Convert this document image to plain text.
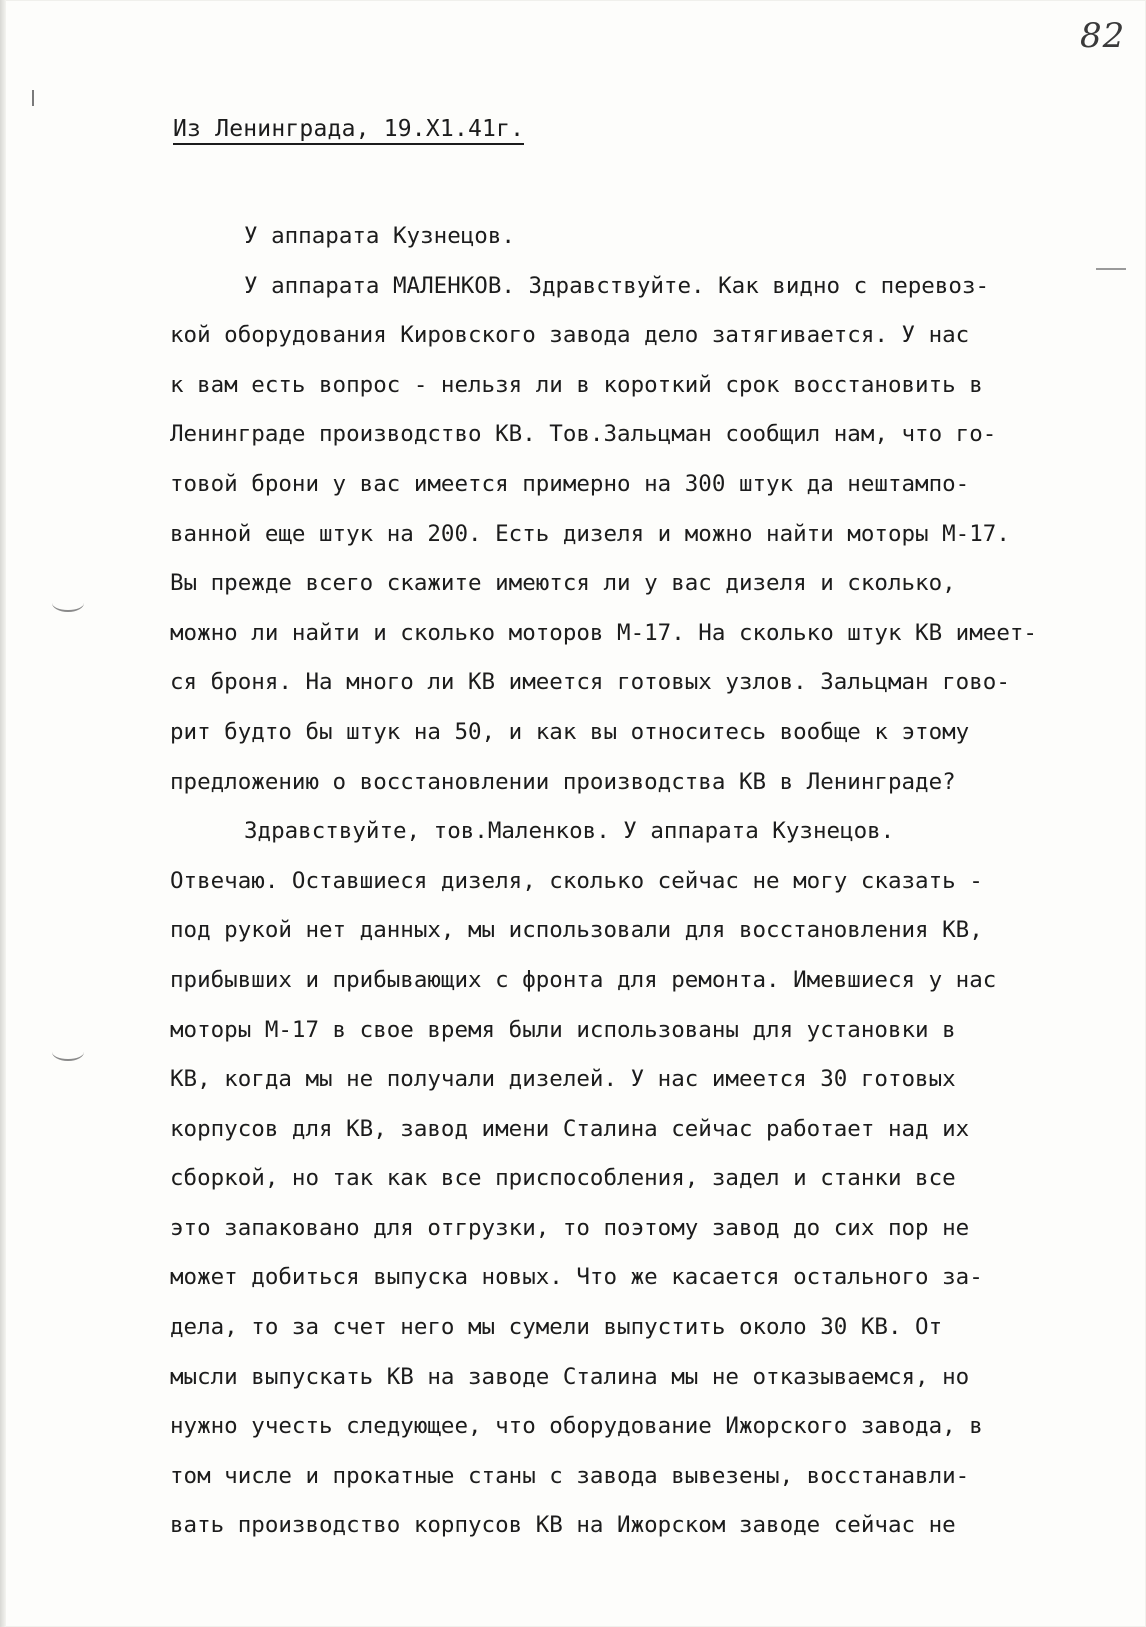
82
Из Ленинграда, 19.Х1.41г.
У аппарата Кузнецов.
У аппарата МАЛЕНКОВ. Здравствуйте. Как видно с перевоз-
кой оборудования Кировского завода дело затягивается. У нас
к вам есть вопрос - нельзя ли в короткий срок восстановить в
Ленинграде производство КВ. Тов.Зальцман сообщил нам, что го-
товой брони у вас имеется примерно на 300 штук да нештампо-
ванной еще штук на 200. Есть дизеля и можно найти моторы М-17.
Вы прежде всего скажите имеются ли у вас дизеля и сколько,
можно ли найти и сколько моторов М-17. На сколько штук КВ имеет-
ся броня. На много ли КВ имеется готовых узлов. Зальцман гово-
рит будто бы штук на 50, и как вы относитесь вообще к этому
предложению о восстановлении производства КВ в Ленинграде?
Здравствуйте, тов.Маленков. У аппарата Кузнецов.
Отвечаю. Оставшиеся дизеля, сколько сейчас не могу сказать -
под рукой нет данных, мы использовали для восстановления КВ,
прибывших и прибывающих с фронта для ремонта. Имевшиеся у нас
моторы М-17 в свое время были использованы для установки в
КВ, когда мы не получали дизелей. У нас имеется 30 готовых
корпусов для КВ, завод имени Сталина сейчас работает над их
сборкой, но так как все приспособления, задел и станки все
это запаковано для отгрузки, то поэтому завод до сих пор не
может добиться выпуска новых. Что же касается остального за-
дела, то за счет него мы сумели выпустить около 30 КВ. От
мысли выпускать КВ на заводе Сталина мы не отказываемся, но
нужно учесть следующее, что оборудование Ижорского завода, в
том числе и прокатные станы с завода вывезены, восстанавли-
вать производство корпусов КВ на Ижорском заводе сейчас не
